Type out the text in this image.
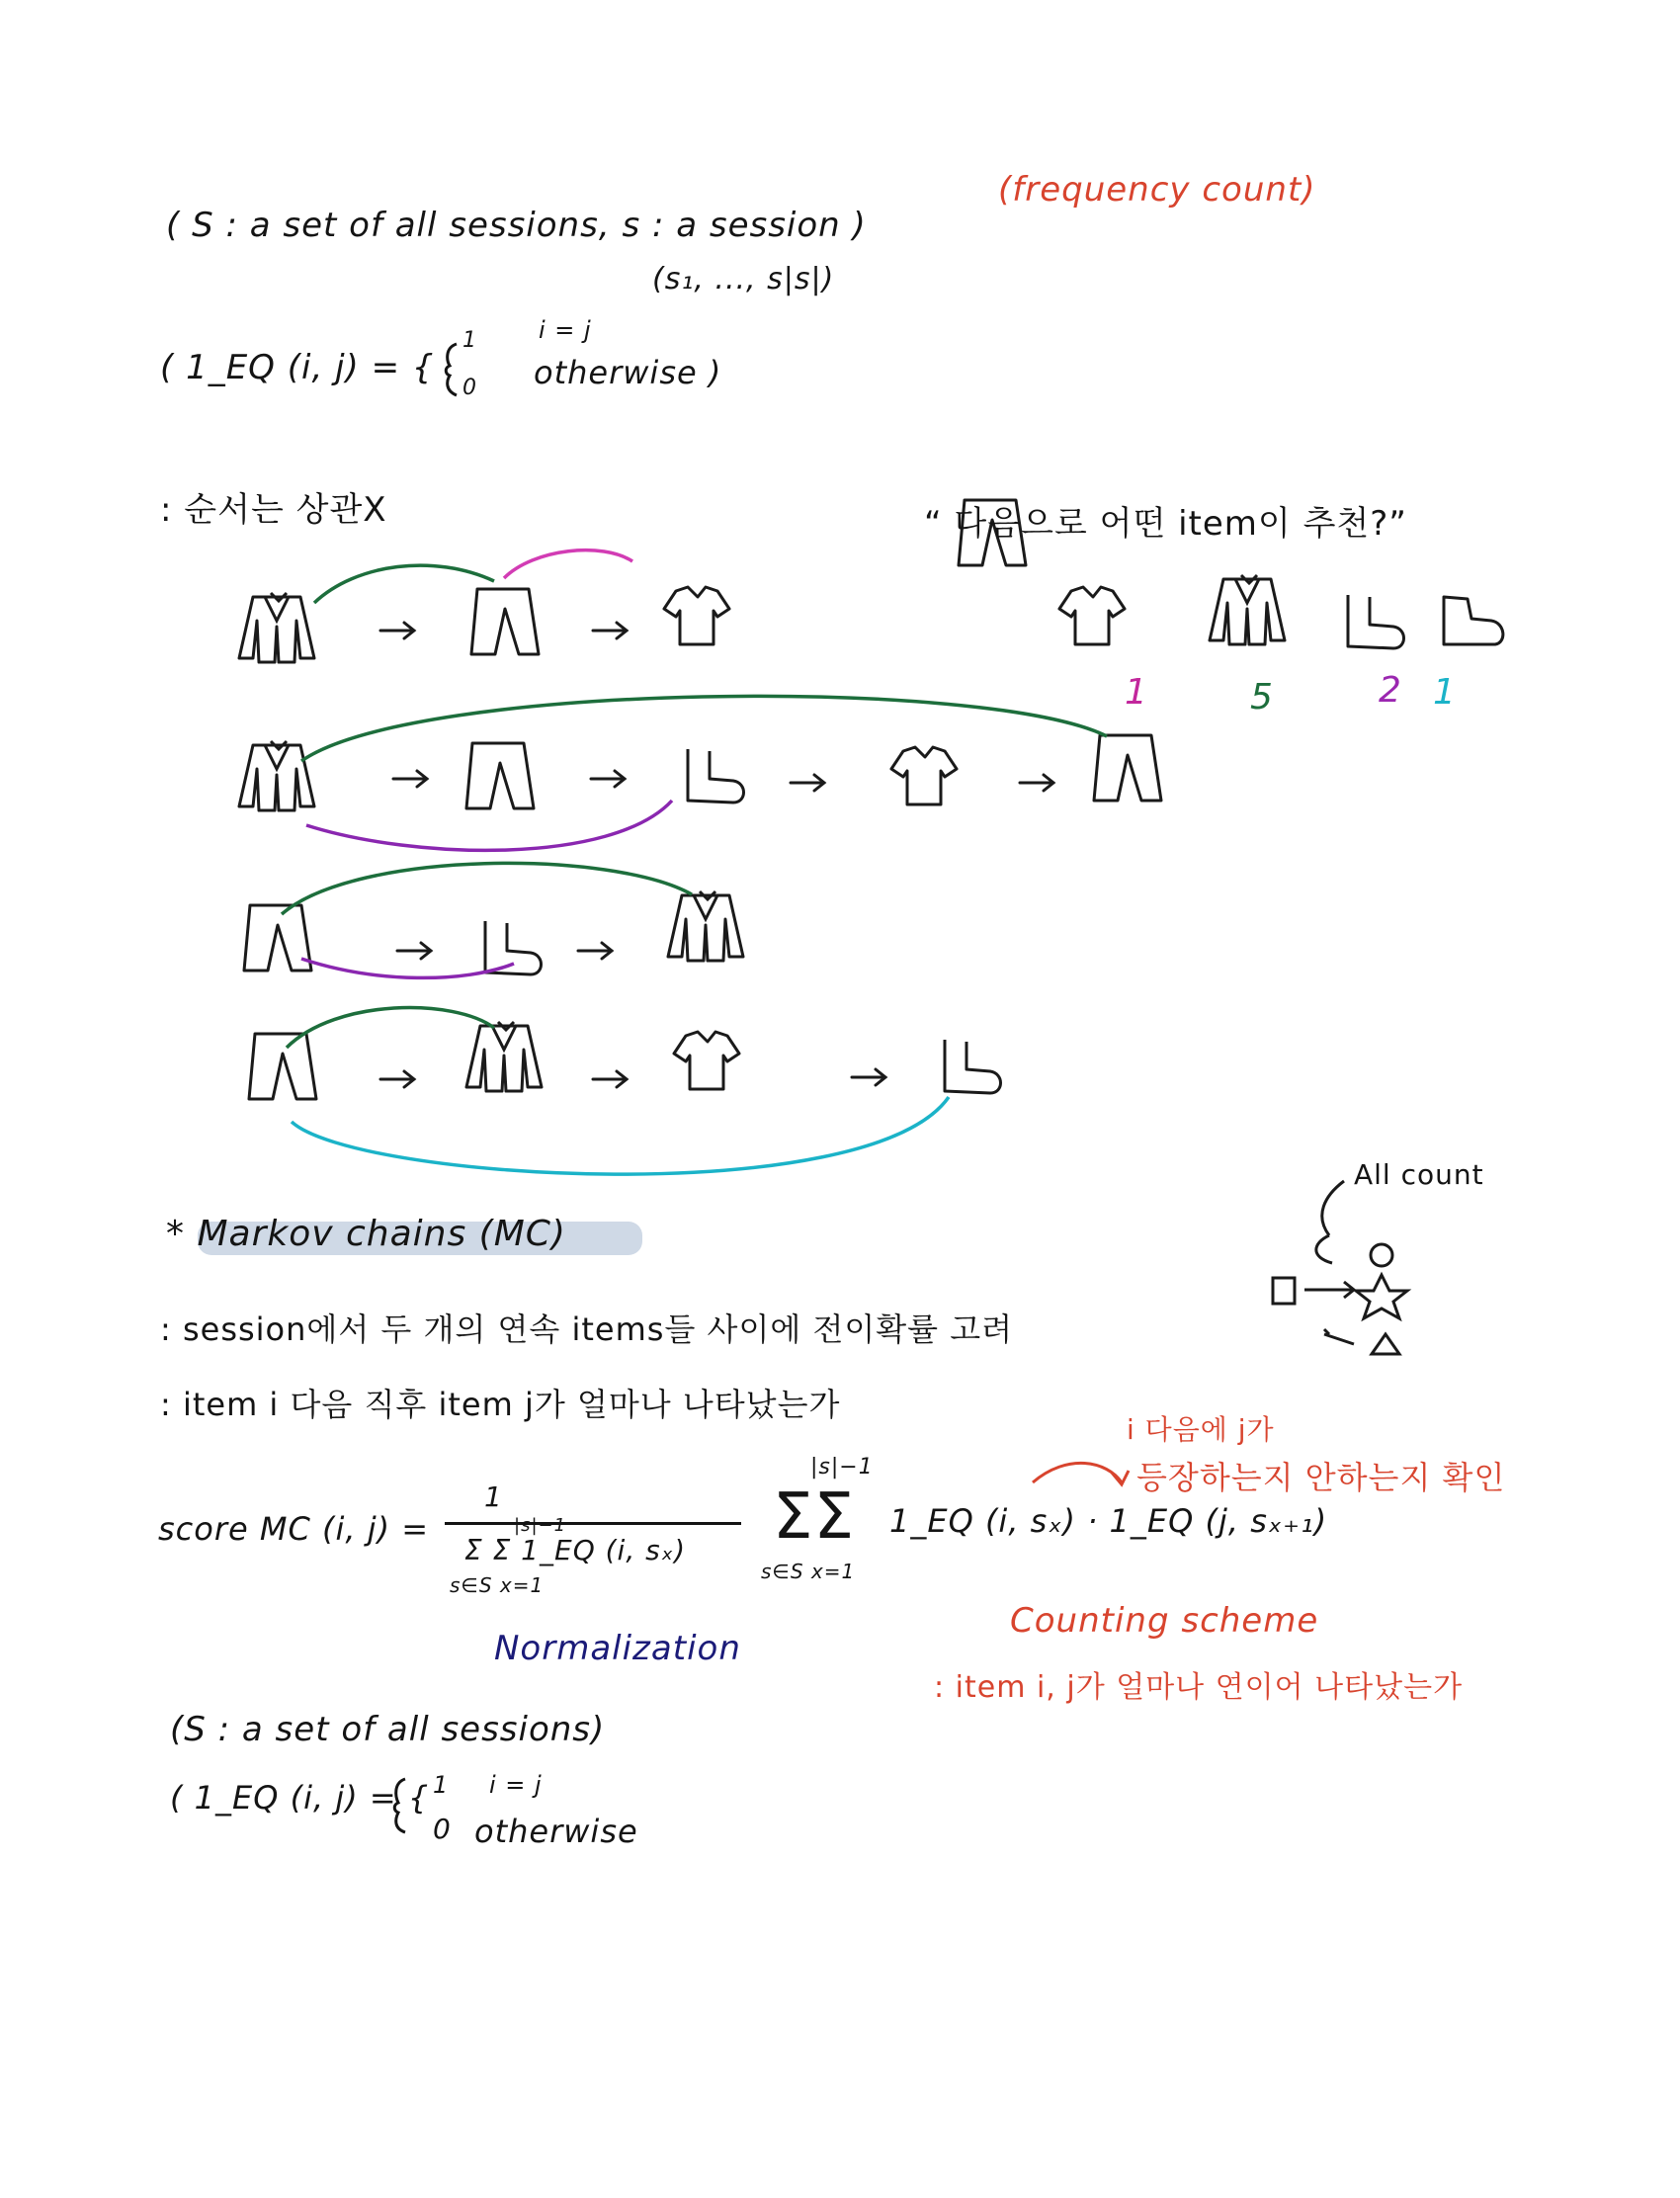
( S : a set of all sessions, s : a session )
(s₁, ..., s|s|)
(frequency count)
( 1_EQ (i, j) = {
1
0
i = j
otherwise )
: 순서는 상관X	“ 다음으로 어떤 item이 추천?”
1	5	2 1
* Markov chains (MC)
All count
: session에서 두 개의 연속 items들 사이에 전이확률 고려
: item i 다음 직후 item j가 얼마나 나타났는가
i 다음에 j가
등장하는지 안하는지 확인
score MC (i, j) =
1
|s|−1
Σ Σ 1_EQ (i, sₓ)
s∈S x=1
|s|−1
ΣΣ
s∈S x=1
1_EQ (i, sₓ) · 1_EQ (j, sₓ₊₁)
Normalization
Counting scheme
: item i, j가 얼마나 연이어 나타났는가
(S : a set of all sessions)
( 1_EQ (i, j) = { 1 i = j
0 otherwise
